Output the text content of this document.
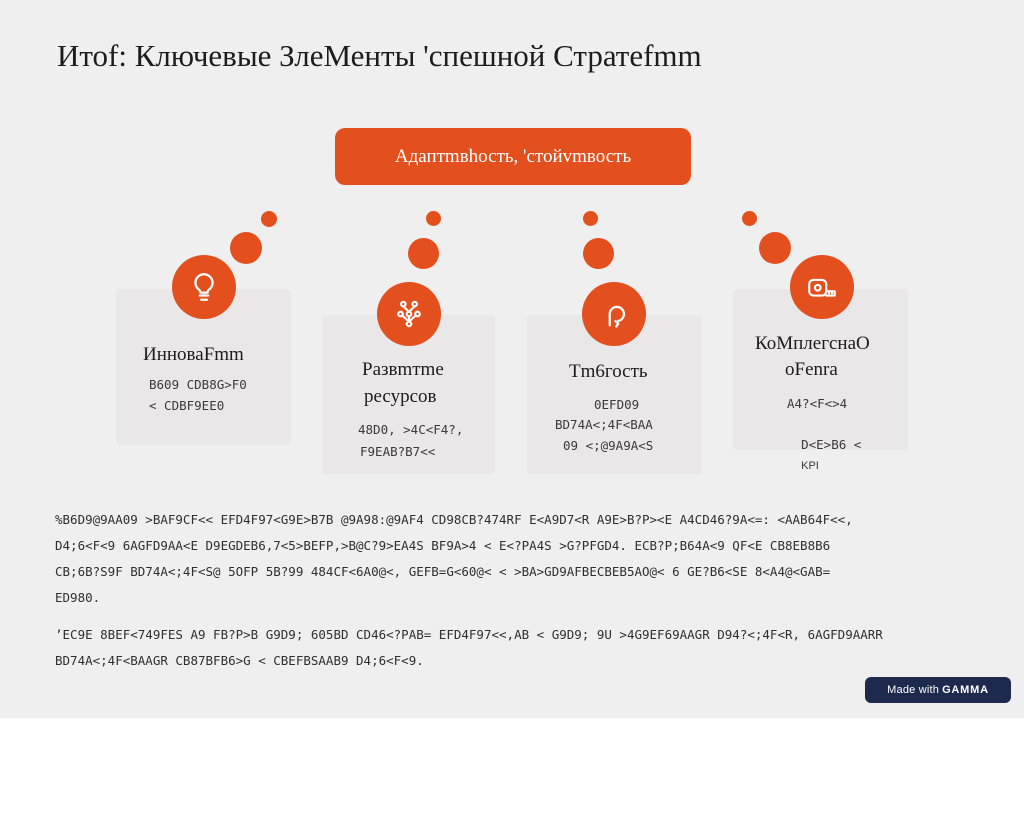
Итоf: Ключевые ЗлеМенты 'спешной Стратеfmm
Адаптmвhость, 'стойvmвость
ИнноваFmm
B609 CDB8G>F0
< CDBF9EE0
Развmтme
ресурсов
48D0, >4C<F4?,
F9EAB?B7<<
Tm6гость
0EFD09
BD74A<;4F<BAA
09 <;@9A9A<S
КоМплегснаО
oFenra
A4?<F<>4

D<E>B6 <
KPI

%B6D9@9AA09 >BAF9CF<< EFD4F97<G9E>B7B @9A98:@9AF4 CD98CB?474RF E<A9D7<R A9E>B?P><E A4CD46?9A<=: <AAB64F<<,
D4;6<F<9 6AGFD9AA<E D9EGDEB6,7<5>BEFP,>B@C?9>EA4S BF9A>4 < E<?PA4S >G?PFGD4. ECB?P;B64A<9 QF<E CB8EB8B6
CB;6B?S9F BD74A<;4F<S@ 5OFP 5B?99 484CF<6A0@<, GEFB=G<60@< < >BA>GD9AFBECBEB5AO@< 6 GE?B6<SE 8<A4@<GAB=
ED980.
’EC9E 8BEF<749FES A9 FB?P>B G9D9; 605BD CD46<?PAB= EFD4F97<<,AB < G9D9; 9U >4G9EF69AAGR D94?<;4F<R, 6AGFD9AARR
BD74A<;4F<BAAGR CB87BFB6>G < CBEFBSAAB9 D4;6<F<9.
Made with GAMMA
